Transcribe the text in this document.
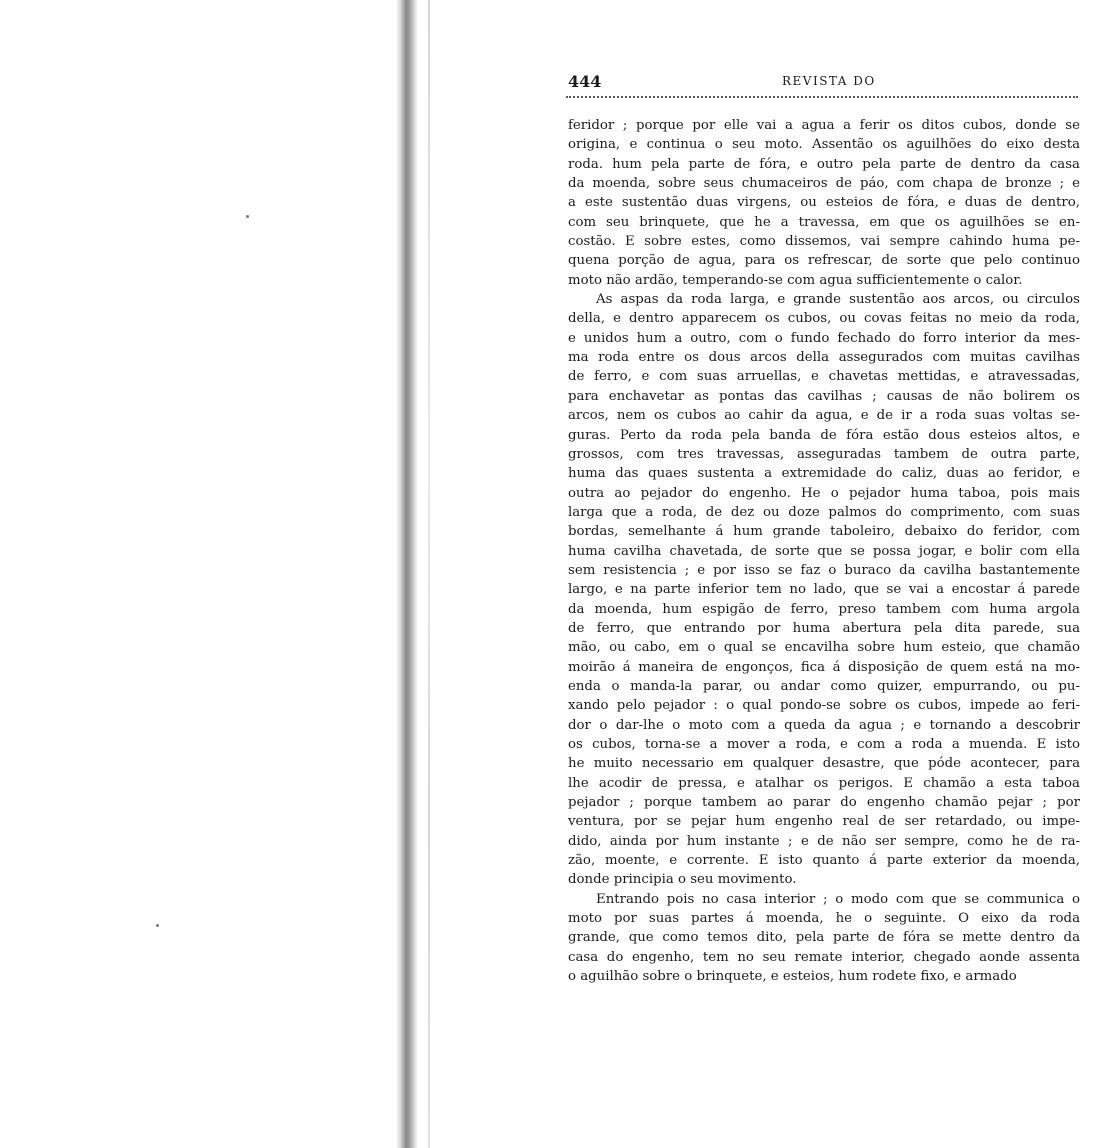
444	REVISTA DO
feridor ; porque por elle vai a agua a ferir os ditos cubos, donde se
origina, e continua o seu moto. Assentão os aguilhões do eixo desta
roda. hum pela parte de fóra, e outro pela parte de dentro da casa
da moenda, sobre seus chumaceiros de páo, com chapa de bronze ; e
a este sustentão duas virgens, ou esteios de fóra, e duas de dentro,
com seu brinquete, que he a travessa, em que os aguilhões se en-
costão. E sobre estes, como dissemos, vai sempre cahindo huma pe-
quena porção de agua, para os refrescar, de sorte que pelo continuo
moto não ardão, temperando-se com agua sufficientemente o calor.
As aspas da roda larga, e grande sustentão aos arcos, ou circulos
della, e dentro apparecem os cubos, ou covas feitas no meio da roda,
e unidos hum a outro, com o fundo fechado do forro interior da mes-
ma roda entre os dous arcos della assegurados com muitas cavilhas
de ferro, e com suas arruellas, e chavetas mettidas, e atravessadas,
para enchavetar as pontas das cavilhas ; causas de não bolirem os
arcos, nem os cubos ao cahir da agua, e de ir a roda suas voltas se-
guras. Perto da roda pela banda de fóra estão dous esteios altos, e
grossos, com tres travessas, asseguradas tambem de outra parte,
huma das quaes sustenta a extremidade do caliz, duas ao feridor, e
outra ao pejador do engenho. He o pejador huma taboa, pois mais
larga que a roda, de dez ou doze palmos do comprimento, com suas
bordas, semelhante á hum grande taboleiro, debaixo do feridor, com
huma cavilha chavetada, de sorte que se possa jogar, e bolir com ella
sem resistencia ; e por isso se faz o buraco da cavilha bastantemente
largo, e na parte inferior tem no lado, que se vai a encostar á parede
da moenda, hum espigão de ferro, preso tambem com huma argola
de ferro, que entrando por huma abertura pela dita parede, sua
mão, ou cabo, em o qual se encavilha sobre hum esteio, que chamão
moirão á maneira de engonços, fica á disposição de quem está na mo-
enda o manda-la parar, ou andar como quizer, empurrando, ou pu-
xando pelo pejador : o qual pondo-se sobre os cubos, impede ao feri-
dor o dar-lhe o moto com a queda da agua ; e tornando a descobrir
os cubos, torna-se a mover a roda, e com a roda a muenda. E isto
he muito necessario em qualquer desastre, que póde acontecer, para
lhe acodir de pressa, e atalhar os perigos. E chamão a esta taboa
pejador ; porque tambem ao parar do engenho chamão pejar ; por
ventura, por se pejar hum engenho real de ser retardado, ou impe-
dido, ainda por hum instante ; e de não ser sempre, como he de ra-
zão, moente, e corrente. E isto quanto á parte exterior da moenda,
donde principia o seu movimento.
Entrando pois no casa interior ; o modo com que se communica o
moto por suas partes á moenda, he o seguinte. O eixo da roda
grande, que como temos dito, pela parte de fóra se mette dentro da
casa do engenho, tem no seu remate interior, chegado aonde assenta
o aguilhão sobre o brinquete, e esteios, hum rodete fixo, e armado
